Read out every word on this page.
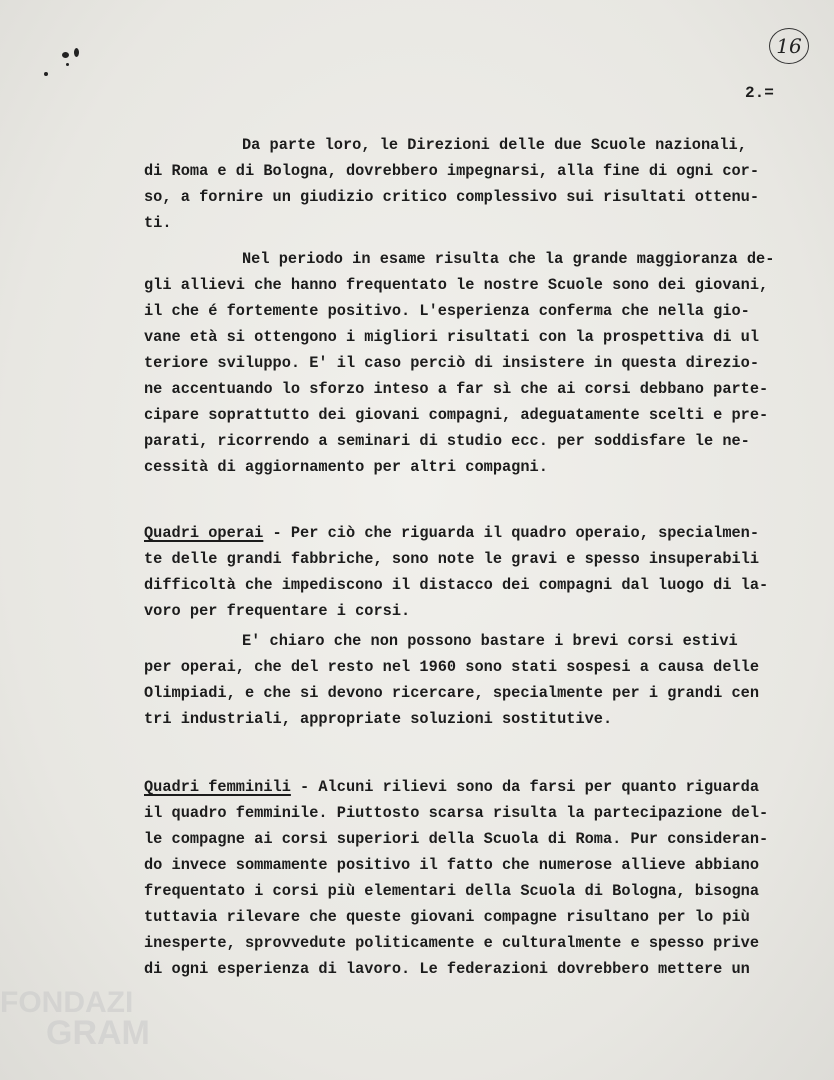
16
2.=
Da parte loro, le Direzioni delle due Scuole nazionali,
di Roma e di Bologna, dovrebbero impegnarsi, alla fine di ogni cor-
so, a fornire un giudizio critico complessivo sui risultati ottenu-
ti.
Nel periodo in esame risulta che la grande maggioranza de-
gli allievi che hanno frequentato le nostre Scuole sono dei giovani,
il che é fortemente positivo. L'esperienza conferma che nella gio-
vane età si ottengono i migliori risultati con la prospettiva di ul
teriore sviluppo. E' il caso perciò di insistere in questa direzio-
ne accentuando lo sforzo inteso a far sì che ai corsi debbano parte-
cipare soprattutto dei giovani compagni, adeguatamente scelti e pre-
parati, ricorrendo a seminari di studio ecc. per soddisfare le ne-
cessità di aggiornamento per altri compagni.
Quadri operai - Per ciò che riguarda il quadro operaio, specialmen-
te delle grandi fabbriche, sono note le gravi e spesso insuperabili
difficoltà che impediscono il distacco dei compagni dal luogo di la-
voro per frequentare i corsi.
E' chiaro che non possono bastare i brevi corsi estivi
per operai, che del resto nel 1960 sono stati sospesi a causa delle
Olimpiadi, e che si devono ricercare, specialmente per i grandi cen
tri industriali, appropriate soluzioni sostitutive.
Quadri femminili - Alcuni rilievi sono da farsi per quanto riguarda
il quadro femminile. Piuttosto scarsa risulta la partecipazione del-
le compagne ai corsi superiori della Scuola di Roma. Pur consideran-
do invece sommamente positivo il fatto che numerose allieve abbiano
frequentato i corsi più elementari della Scuola di Bologna, bisogna
tuttavia rilevare che queste giovani compagne risultano per lo più
inesperte, sprovvedute politicamente e culturalmente e spesso prive
di ogni esperienza di lavoro. Le federazioni dovrebbero mettere un
FONDAZI
GRAM
